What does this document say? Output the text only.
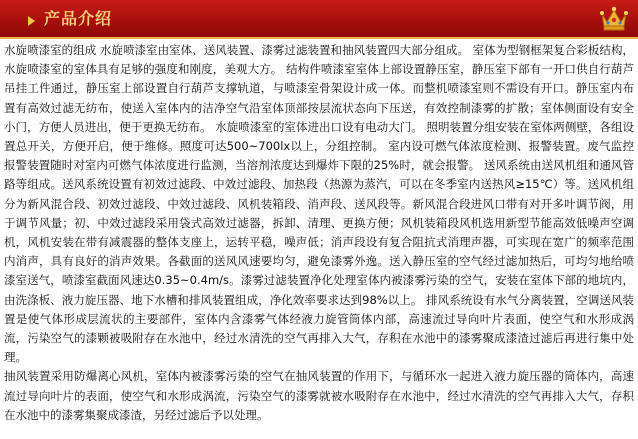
产品介绍

水旋喷漆室的组成 水旋喷漆室由室体、送风装置、漆雾过滤装置和抽风装置四大部分组成。 室体为型钢框架复合彩板结构，水旋喷漆室的室体具有足够的强度和刚度，美观大方。 结构件喷漆室室体上部设置静压室，静压室下部有一开口供自行葫芦吊挂工件通过，静压室上部设置自行葫芦支撑轨道，与喷漆室骨架设计成一体。而整机喷漆室则不需设有开口。静压室内布置有高效过滤无纺布，使送入室体内的洁净空气沿室体顶部按层流状态向下压送，有效控制漆雾的扩散；室体侧面设有安全小门，方便人员进出，便于更换无纺布。 水旋喷漆室的室体进出口设有电动大门。 照明装置分组安装在室体两侧壁，各组设置总开关，方便开启，便于维修。照度可达500~700lx以上，分组控制。 室内设可燃气体浓度检测、报警装置。废气监控报警装置随时对室内可燃气体浓度进行监测，当溶剂浓度达到爆炸下限的25%时，就会报警。 送风系统由送风机组和通风管路等组成。送风系统设置有初效过滤段、中效过滤段、加热段（热源为蒸汽，可以在冬季室内送热风≥15℃）等。送风机组分为新风混合段、初效过滤段、中效过滤段、风机装箱段、消声段、送风段等。新风混合段进风口带有对开多叶调节阀，用于调节风量；初、中效过滤段采用袋式高效过滤器，拆卸、清理、更换方便；风机装箱段风机选用新型节能高效低噪声空调机，风机安装在带有减震器的整体支座上，运转平稳，噪声低；消声段设有复合阻抗式消理声器，可实现在宽广的频率范围内消声，具有良好的消声效果。各截面的送风风速要均匀，避免漆雾外逸。送入静压室的空气经过滤加热后，可均匀地给喷漆室送气，喷漆室截面风速达0.35~0.4m/s。漆雾过滤装置净化处理室体内被漆雾污染的空气，安装在室体下部的地坑内，由洗涤板、液力旋压器、地下水槽和排风装置组成，净化效率要求达到98%以上。 排风系统设有水气分离装置，空调送风装置是使气体形成层流状的主要部件，室体内含漆雾气体经液力旋管筒体内部，高速流过导向叶片表面，使空气和水形成涡流，污染空气的漆颗被吸附存在水池中，经过水清洗的空气再排入大气，存积在水池中的漆雾聚成漆渣过滤后再进行集中处理。

抽风装置采用防爆离心风机，室体内被漆雾污染的空气在抽风装置的作用下，与循环水一起进入液力旋压器的筒体内，高速流过导向叶片的表面，使空气和水形成涡流，污染空气的漆雾就被水吸附存在水池中，经过水清洗的空气再排入大气，存积在水池中的漆雾集聚成漆渣，另经过滤后予以处理。
